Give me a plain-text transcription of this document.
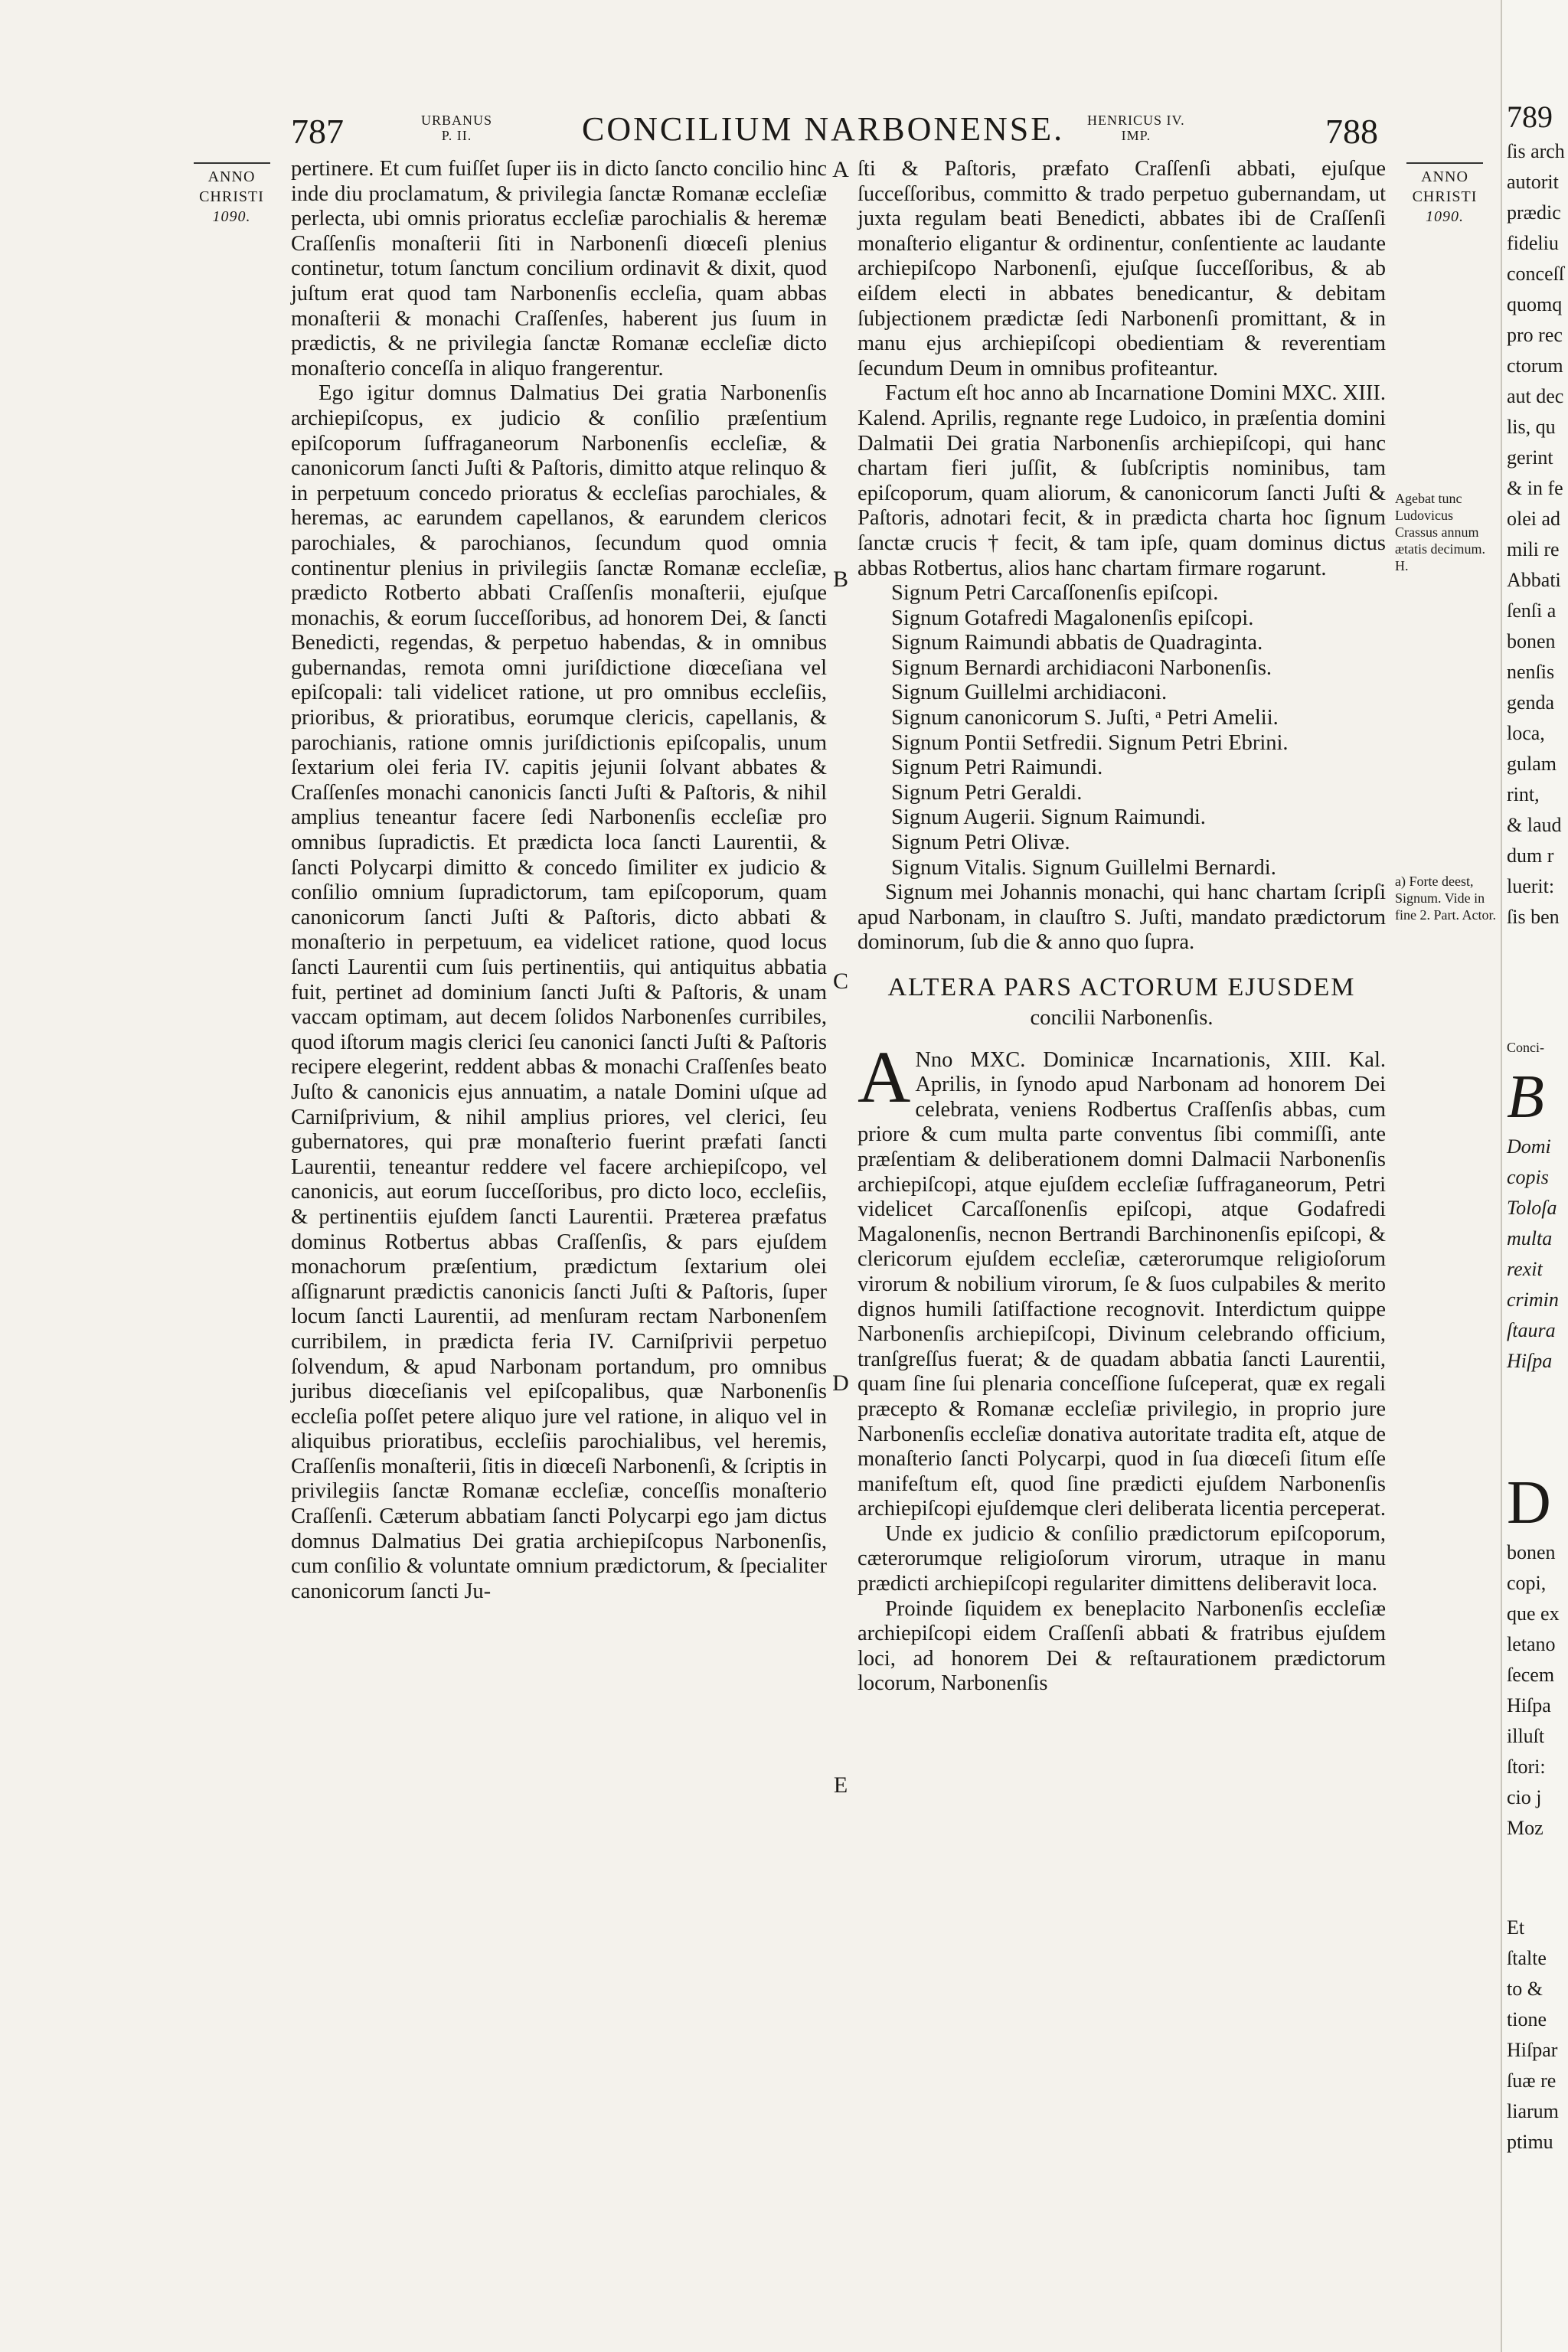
787	URBANUS
P. II.	CONCILIUM NARBONENSE. HENRICUS IV.
IMP.	788
ANNO
CHRISTI
1090.
ANNO
CHRISTI
1090.
Agebat tunc Ludovicus Crassus annum ætatis decimum. H.
a) Forte deest, Signum. Vide in fine 2. Part. Actor.
A
B
C
D
E

pertinere. Et cum fuiſſet ſuper iis in dicto ſancto concilio hinc inde diu proclamatum, & privilegia ſanctæ Romanæ eccleſiæ perlecta, ubi omnis prioratus eccleſiæ parochialis & heremæ Craſſenſis monaſterii ſiti in Narbonenſi diœceſi plenius continetur, totum ſanctum concilium ordinavit & dixit, quod juſtum erat quod tam Narbonenſis eccleſia, quam abbas monaſterii & monachi Craſſenſes, haberent jus ſuum in prædictis, & ne privilegia ſanctæ Romanæ eccleſiæ dicto monaſterio conceſſa in aliquo frangerentur.

Ego igitur domnus Dalmatius Dei gratia Narbonenſis archiepiſcopus, ex judicio & conſilio præſentium epiſcoporum ſuffraganeorum Narbonenſis eccleſiæ, & canonicorum ſancti Juſti & Paſtoris, dimitto atque relinquo & in perpetuum concedo prioratus & eccleſias parochiales, & heremas, ac earundem capellanos, & earundem clericos parochiales, & parochianos, ſecundum quod omnia continentur plenius in privilegiis ſanctæ Romanæ eccleſiæ, prædicto Rotberto abbati Craſſenſis monaſterii, ejuſque monachis, & eorum ſucceſſoribus, ad honorem Dei, & ſancti Benedicti, regendas, & perpetuo habendas, & in omnibus gubernandas, remota omni juriſdictione diœceſiana vel epiſcopali: tali videlicet ratione, ut pro omnibus eccleſiis, prioribus, & prioratibus, eorumque clericis, capellanis, & parochianis, ratione omnis juriſdictionis epiſcopalis, unum ſextarium olei feria IV. capitis jejunii ſolvant abbates & Craſſenſes monachi canonicis ſancti Juſti & Paſtoris, & nihil amplius teneantur facere ſedi Narbonenſis eccleſiæ pro omnibus ſupradictis. Et prædicta loca ſancti Laurentii, & ſancti Polycarpi dimitto & concedo ſimiliter ex judicio & conſilio omnium ſupradictorum, tam epiſcoporum, quam canonicorum ſancti Juſti & Paſtoris, dicto abbati & monaſterio in perpetuum, ea videlicet ratione, quod locus ſancti Laurentii cum ſuis pertinentiis, qui antiquitus abbatia fuit, pertinet ad dominium ſancti Juſti & Paſtoris, & unam vaccam optimam, aut decem ſolidos Narbonenſes curribiles, quod iſtorum magis clerici ſeu canonici ſancti Juſti & Paſtoris recipere elegerint, reddent abbas & monachi Craſſenſes beato Juſto & canonicis ejus annuatim, a natale Domini uſque ad Carniſprivium, & nihil amplius priores, vel clerici, ſeu gubernatores, qui præ monaſterio fuerint præfati ſancti Laurentii, teneantur reddere vel facere archiepiſcopo, vel canonicis, aut eorum ſucceſſoribus, pro dicto loco, eccleſiis, & pertinentiis ejuſdem ſancti Laurentii. Præterea præfatus dominus Rotbertus abbas Craſſenſis, & pars ejuſdem monachorum præſentium, prædictum ſextarium olei aſſignarunt prædictis canonicis ſancti Juſti & Paſtoris, ſuper locum ſancti Laurentii, ad menſuram rectam Narbonenſem curribilem, in prædicta feria IV. Carniſprivii perpetuo ſolvendum, & apud Narbonam portandum, pro omnibus juribus diœceſianis vel epiſcopalibus, quæ Narbonenſis eccleſia poſſet petere aliquo jure vel ratione, in aliquo vel in aliquibus prioratibus, eccleſiis parochialibus, vel heremis, Craſſenſis monaſterii, ſitis in diœceſi Narbonenſi, & ſcriptis in privilegiis ſanctæ Romanæ eccleſiæ, conceſſis monaſterio Craſſenſi. Cæterum abbatiam ſancti Polycarpi ego jam dictus domnus Dalmatius Dei gratia archiepiſcopus Narbonenſis, cum conſilio & voluntate omnium prædictorum, & ſpecialiter canonicorum ſancti Ju-

ſti & Paſtoris, præfato Craſſenſi abbati, ejuſque ſucceſſoribus, committo & trado perpetuo gubernandam, ut juxta regulam beati Benedicti, abbates ibi de Craſſenſi monaſterio eligantur & ordinentur, conſentiente ac laudante archiepiſcopo Narbonenſi, ejuſque ſucceſſoribus, & ab eiſdem electi in abbates benedicantur, & debitam ſubjectionem prædictæ ſedi Narbonenſi promittant, & in manu ejus archiepiſcopi obedientiam & reverentiam ſecundum Deum in omnibus profiteantur.

Factum eſt hoc anno ab Incarnatione Domini MXC. XIII. Kalend. Aprilis, regnante rege Ludoico, in præſentia domini Dalmatii Dei gratia Narbonenſis archiepiſcopi, qui hanc chartam fieri juſſit, & ſubſcriptis nominibus, tam epiſcoporum, quam aliorum, & canonicorum ſancti Juſti & Paſtoris, adnotari fecit, & in prædicta charta hoc ſignum ſanctæ crucis † fecit, & tam ipſe, quam dominus dictus abbas Rotbertus, alios hanc chartam firmare rogarunt.

Signum Petri Carcaſſonenſis epiſcopi.
Signum Gotafredi Magalonenſis epiſcopi.
Signum Raimundi abbatis de Quadraginta.
Signum Bernardi archidiaconi Narbonenſis.
Signum Guillelmi archidiaconi.
Signum canonicorum S. Juſti, ᵃ Petri Amelii.
Signum Pontii Setfredii. Signum Petri Ebrini.
Signum Petri Raimundi.
Signum Petri Geraldi.
Signum Augerii. Signum Raimundi.
Signum Petri Olivæ.
Signum Vitalis. Signum Guillelmi Bernardi.

Signum mei Johannis monachi, qui hanc chartam ſcripſi apud Narbonam, in clauſtro S. Juſti, mandato prædictorum dominorum, ſub die & anno quo ſupra.

ALTERA PARS ACTORUM EJUSDEM
concilii Narbonenſis.

A Nno MXC. Dominicæ Incarnationis, XIII. Kal. Aprilis, in ſynodo apud Narbonam ad honorem Dei celebrata, veniens Rodbertus Craſſenſis abbas, cum priore & cum multa parte conventus ſibi commiſſi, ante præſentiam & deliberationem domni Dalmacii Narbonenſis archiepiſcopi, atque ejuſdem eccleſiæ ſuffraganeorum, Petri videlicet Carcaſſonenſis epiſcopi, atque Godafredi Magalonenſis, necnon Bertrandi Barchinonenſis epiſcopi, & clericorum ejuſdem eccleſiæ, cæterorumque religioſorum virorum & nobilium virorum, ſe & ſuos culpabiles & merito dignos humili ſatiſfactione recognovit. Interdictum quippe Narbonenſis archiepiſcopi, Divinum celebrando officium, tranſgreſſus fuerat; & de quadam abbatia ſancti Laurentii, quam ſine ſui plenaria conceſſione ſuſceperat, quæ ex regali præcepto & Romanæ eccleſiæ privilegio, in proprio jure Narbonenſis eccleſiæ donativa autoritate tradita eſt, atque de monaſterio ſancti Polycarpi, quod in ſua diœceſi ſitum eſſe manifeſtum eſt, quod ſine prædicti ejuſdem Narbonenſis archiepiſcopi ejuſdemque cleri deliberata licentia perceperat.

Unde ex judicio & conſilio prædictorum epiſcoporum, cæterorumque religioſorum virorum, utraque in manu prædicti archiepiſcopi regulariter dimittens deliberavit loca.

Proinde ſiquidem ex beneplacito Narbonenſis eccleſiæ archiepiſcopi eidem Craſſenſi abbati & fratribus ejuſdem loci, ad honorem Dei & reſtaurationem prædictorum locorum, Narbonenſis

789
ſis arch
autorit
prædic
fideliu
conceſſ
quomq
pro rec
ctorum
aut dec
lis, qu
gerint
& in fe
olei ad
mili re
Abbati
ſenſi a
bonen
nenſis
genda
loca,
gulam
rint,
& laud
dum r
luerit:
ſis ben
Conci-
B
Domi
copis
Toloſa
multa
rexit
crimin
ſtaura
Hiſpa
D
bonen
copi,
que ex
letano
ſecem
Hiſpa
illuſt
ſtori:
cio j
Moz
Et
ſtalte
to &
tione
Hiſpar
ſuæ re
liarum
ptimu
